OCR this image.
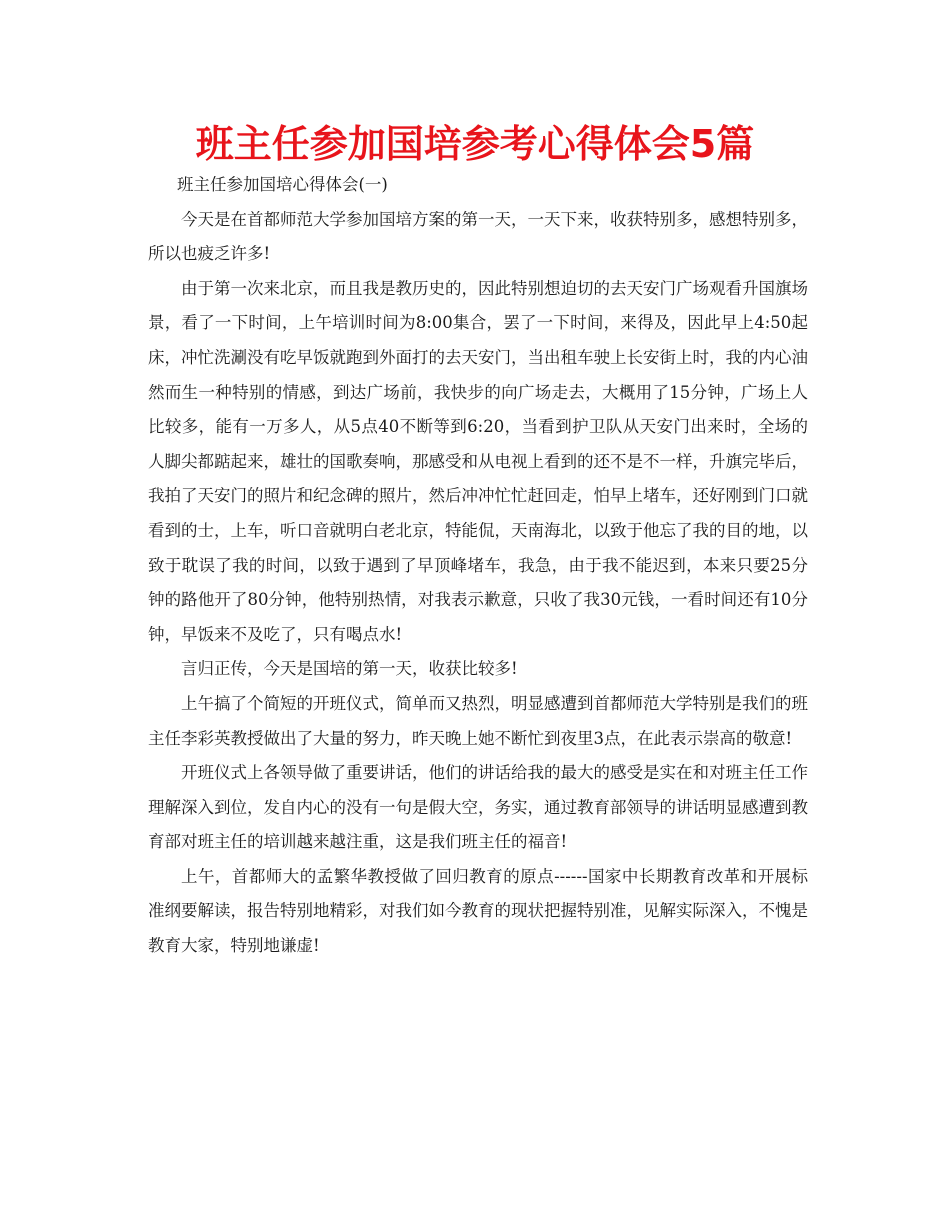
班主任参加国培参考心得体会5篇

班主任参加国培心得体会(一)

今天是在首都师范大学参加国培方案的第一天，一天下来，收获特别多，感想特别多，所以也疲乏许多!

由于第一次来北京，而且我是教历史的，因此特别想迫切的去天安门广场观看升国旗场景，看了一下时间，上午培训时间为8:00集合，罢了一下时间，来得及，因此早上4:50起床，冲忙洗涮没有吃早饭就跑到外面打的去天安门，当出租车驶上长安街上时，我的内心油然而生一种特别的情感，到达广场前，我快步的向广场走去，大概用了15分钟，广场上人比较多，能有一万多人，从5点40不断等到6:20，当看到护卫队从天安门出来时，全场的人脚尖都踮起来，雄壮的国歌奏响，那感受和从电视上看到的还不是不一样，升旗完毕后，我拍了天安门的照片和纪念碑的照片，然后冲冲忙忙赶回走，怕早上堵车，还好刚到门口就看到的士，上车，听口音就明白老北京，特能侃，天南海北，以致于他忘了我的目的地，以致于耽误了我的时间，以致于遇到了早顶峰堵车，我急，由于我不能迟到，本来只要25分钟的路他开了80分钟，他特别热情，对我表示歉意，只收了我30元钱，一看时间还有10分钟，早饭来不及吃了，只有喝点水!

言归正传，今天是国培的第一天，收获比较多!

上午搞了个简短的开班仪式，简单而又热烈，明显感遭到首都师范大学特别是我们的班主任李彩英教授做出了大量的努力，昨天晚上她不断忙到夜里3点，在此表示崇高的敬意!

开班仪式上各领导做了重要讲话，他们的讲话给我的最大的感受是实在和对班主任工作理解深入到位，发自内心的没有一句是假大空，务实，通过教育部领导的讲话明显感遭到教育部对班主任的培训越来越注重，这是我们班主任的福音!

上午，首都师大的孟繁华教授做了回归教育的原点------国家中长期教育改革和开展标准纲要解读，报告特别地精彩，对我们如今教育的现状把握特别准，见解实际深入，不愧是教育大家，特别地谦虚!
